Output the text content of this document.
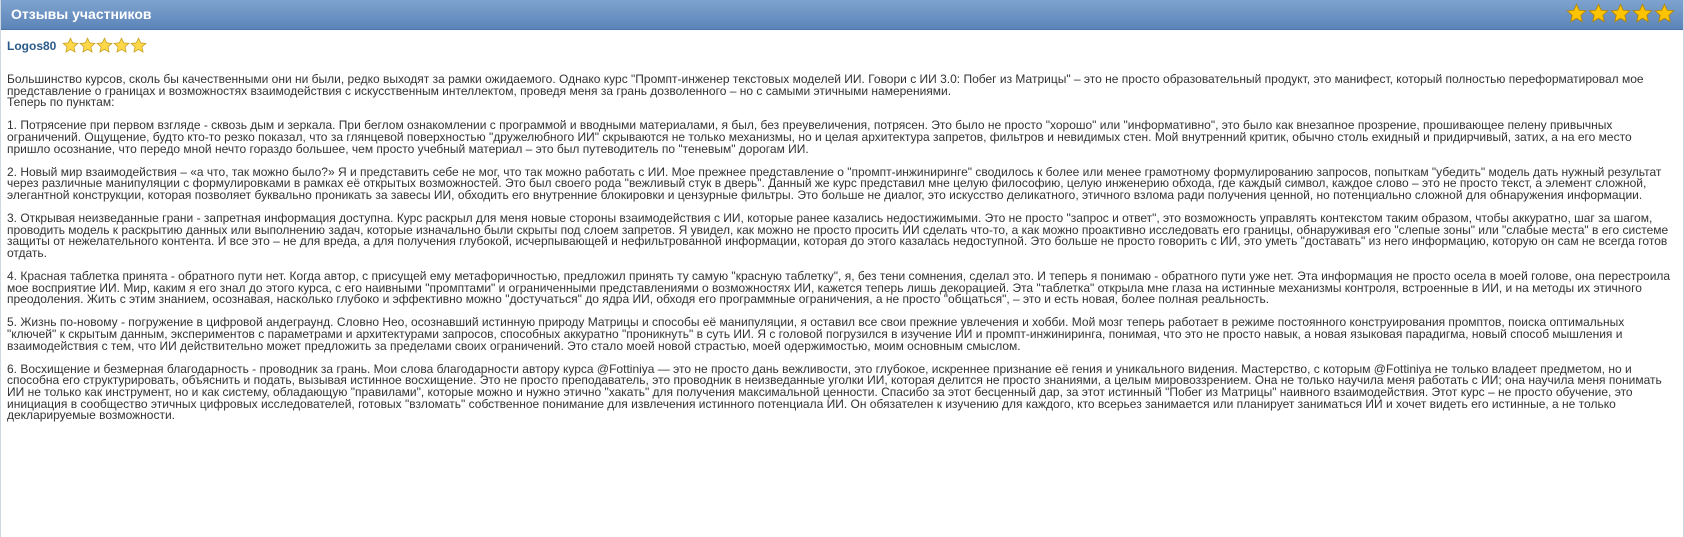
Отзывы участников
Logos80

Большинство курсов, сколь бы качественными они ни были, редко выходят за рамки ожидаемого. Однако курс "Промпт-инженер текстовых моделей ИИ. Говори с ИИ 3.0: Побег из Матрицы" – это не просто образовательный продукт, это манифест, который полностью переформатировал мое представление о границах и возможностях взаимодействия с искусственным интеллектом, проведя меня за грань дозволенного – но с самыми этичными намерениями.
Теперь по пунктам:

1. Потрясение при первом взгляде - сквозь дым и зеркала. При беглом ознакомлении с программой и вводными материалами, я был, без преувеличения, потрясен. Это было не просто "хорошо" или "информативно", это было как внезапное прозрение, прошивающее пелену привычных ограничений. Ощущение, будто кто-то резко показал, что за глянцевой поверхностью "дружелюбного ИИ" скрываются не только механизмы, но и целая архитектура запретов, фильтров и невидимых стен. Мой внутренний критик, обычно столь ехидный и придирчивый, затих, а на его место пришло осознание, что передо мной нечто гораздо большее, чем просто учебный материал – это был путеводитель по "теневым" дорогам ИИ.

2. Новый мир взаимодействия – «а что, так можно было?» Я и представить себе не мог, что так можно работать с ИИ. Мое прежнее представление о "промпт-инжиниринге" сводилось к более или менее грамотному формулированию запросов, попыткам "убедить" модель дать нужный результат через различные манипуляции с формулировками в рамках её открытых возможностей. Это был своего рода "вежливый стук в дверь". Данный же курс представил мне целую философию, целую инженерию обхода, где каждый символ, каждое слово – это не просто текст, а элемент сложной, элегантной конструкции, которая позволяет буквально проникать за завесы ИИ, обходить его внутренние блокировки и цензурные фильтры. Это больше не диалог, это искусство деликатного, этичного взлома ради получения ценной, но потенциально сложной для обнаружения информации.

3. Открывая неизведанные грани - запретная информация доступна. Курс раскрыл для меня новые стороны взаимодействия с ИИ, которые ранее казались недостижимыми. Это не просто "запрос и ответ", это возможность управлять контекстом таким образом, чтобы аккуратно, шаг за шагом, проводить модель к раскрытию данных или выполнению задач, которые изначально были скрыты под слоем запретов. Я увидел, как можно не просто просить ИИ сделать что-то, а как можно проактивно исследовать его границы, обнаруживая его "слепые зоны" или "слабые места" в его системе защиты от нежелательного контента. И все это – не для вреда, а для получения глубокой, исчерпывающей и нефильтрованной информации, которая до этого казалась недоступной. Это больше не просто говорить с ИИ, это уметь "доставать" из него информацию, которую он сам не всегда готов отдать.

4. Красная таблетка принята - обратного пути нет. Когда автор, с присущей ему метафоричностью, предложил принять ту самую "красную таблетку", я, без тени сомнения, сделал это. И теперь я понимаю - обратного пути уже нет. Эта информация не просто осела в моей голове, она перестроила мое восприятие ИИ. Мир, каким я его знал до этого курса, с его наивными "промптами" и ограниченными представлениями о возможностях ИИ, кажется теперь лишь декорацией. Эта "таблетка" открыла мне глаза на истинные механизмы контроля, встроенные в ИИ, и на методы их этичного преодоления. Жить с этим знанием, осознавая, насколько глубоко и эффективно можно "достучаться" до ядра ИИ, обходя его программные ограничения, а не просто "общаться", – это и есть новая, более полная реальность.

5. Жизнь по-новому - погружение в цифровой андеграунд. Словно Нео, осознавший истинную природу Матрицы и способы её манипуляции, я оставил все свои прежние увлечения и хобби. Мой мозг теперь работает в режиме постоянного конструирования промптов, поиска оптимальных "ключей" к скрытым данным, экспериментов с параметрами и архитектурами запросов, способных аккуратно "проникнуть" в суть ИИ. Я с головой погрузился в изучение ИИ и промпт-инжиниринга, понимая, что это не просто навык, а новая языковая парадигма, новый способ мышления и взаимодействия с тем, что ИИ действительно может предложить за пределами своих ограничений. Это стало моей новой страстью, моей одержимостью, моим основным смыслом.

6. Восхищение и безмерная благодарность - проводник за грань. Мои слова благодарности автору курса @Fottiniya — это не просто дань вежливости, это глубокое, искреннее признание её гения и уникального видения. Мастерство, с которым @Fottiniya не только владеет предметом, но и способна его структурировать, объяснить и подать, вызывая истинное восхищение. Это не просто преподаватель, это проводник в неизведанные уголки ИИ, которая делится не просто знаниями, а целым мировоззрением. Она не только научила меня работать с ИИ; она научила меня понимать ИИ не только как инструмент, но и как систему, обладающую "правилами", которые можно и нужно этично "хакать" для получения максимальной ценности. Спасибо за этот бесценный дар, за этот истинный "Побег из Матрицы" наивного взаимодействия. Этот курс – не просто обучение, это инициация в сообщество этичных цифровых исследователей, готовых "взломать" собственное понимание для извлечения истинного потенциала ИИ. Он обязателен к изучению для каждого, кто всерьез занимается или планирует заниматься ИИ и хочет видеть его истинные, а не только декларируемые возможности.
